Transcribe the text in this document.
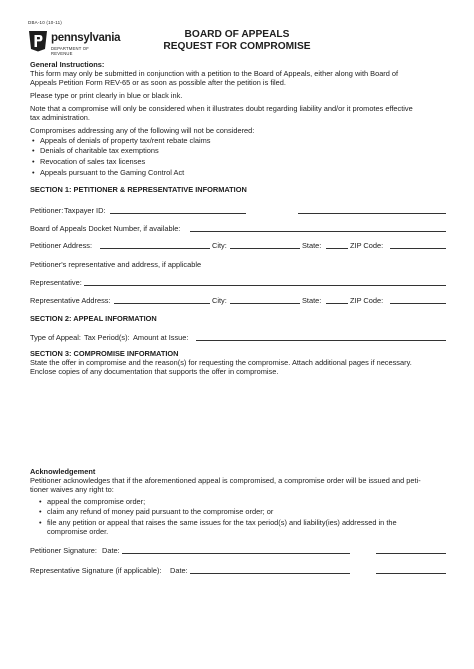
DBA-10 (10-11)
pennsylvania
DEPARTMENT OF REVENUE
BOARD OF APPEALS
REQUEST FOR COMPROMISE
General Instructions:
This form may only be submitted in conjunction with a petition to the Board of Appeals, either along with Board of
Appeals Petition Form REV-65 or as soon as possible after the petition is filed.
Please type or print clearly in blue or black ink.
Note that a compromise will only be considered when it illustrates doubt regarding liability and/or it promotes effective
tax administration.
Compromises addressing any of the following will not be considered:
• Appeals of denials of property tax/rent rebate claims
• Denials of charitable tax exemptions
• Revocation of sales tax licenses
• Appeals pursuant to the Gaming Control Act
SECTION 1: PETITIONER & REPRESENTATIVE INFORMATION
Petitioner: Taxpayer ID:
Board of Appeals Docket Number, if available:
Petitioner Address:	City:	State:	ZIP Code:
Petitioner's representative and address, if applicable
Representative:
Representative Address:	City:	State:	ZIP Code:
SECTION 2: APPEAL INFORMATION
Type of Appeal: Tax Period(s): Amount at Issue:
SECTION 3: COMPROMISE INFORMATION
State the offer in compromise and the reason(s) for requesting the compromise. Attach additional pages if necessary.
Enclose copies of any documentation that supports the offer in compromise.
Acknowledgement
Petitioner acknowledges that if the aforementioned appeal is compromised, a compromise order will be issued and peti-
tioner waives any right to:
• appeal the compromise order;
• claim any refund of money paid pursuant to the compromise order; or
• file any petition or appeal that raises the same issues for the tax period(s) and liability(ies) addressed in the
compromise order.
Petitioner Signature: Date:
Representative Signature (if applicable): Date:
